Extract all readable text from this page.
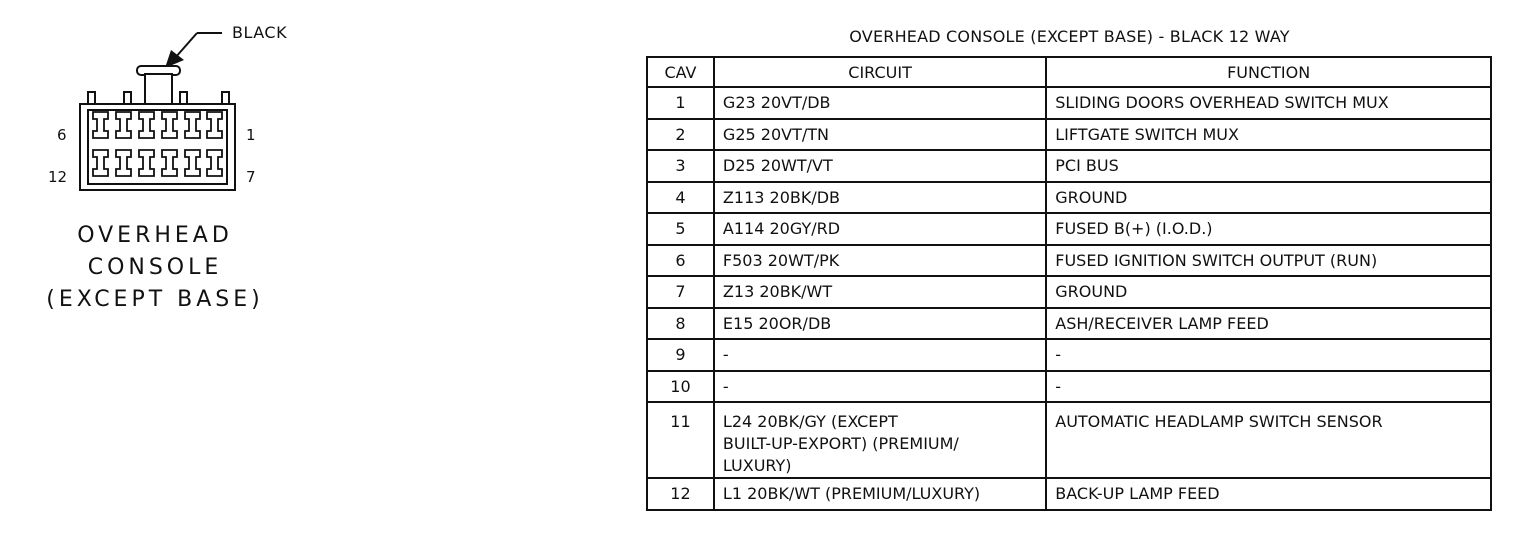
BLACK
6	1
12	7
OVERHEAD
CONSOLE
(EXCEPT BASE)
OVERHEAD CONSOLE (EXCEPT BASE) - BLACK 12 WAY
CAV	CIRCUIT	FUNCTION
1	G23 20VT/DB	SLIDING DOORS OVERHEAD SWITCH MUX
2	G25 20VT/TN	LIFTGATE SWITCH MUX
3	D25 20WT/VT	PCI BUS
4	Z113 20BK/DB	GROUND
5	A114 20GY/RD	FUSED B(+) (I.O.D.)
6	F503 20WT/PK	FUSED IGNITION SWITCH OUTPUT (RUN)
7	Z13 20BK/WT	GROUND
8	E15 20OR/DB	ASH/RECEIVER LAMP FEED
9	-	-
10	-	-
11	L24 20BK/GY (EXCEPT
BUILT-UP-EXPORT) (PREMIUM/
LUXURY)	AUTOMATIC HEADLAMP SWITCH SENSOR
12	L1 20BK/WT (PREMIUM/LUXURY)	BACK-UP LAMP FEED
